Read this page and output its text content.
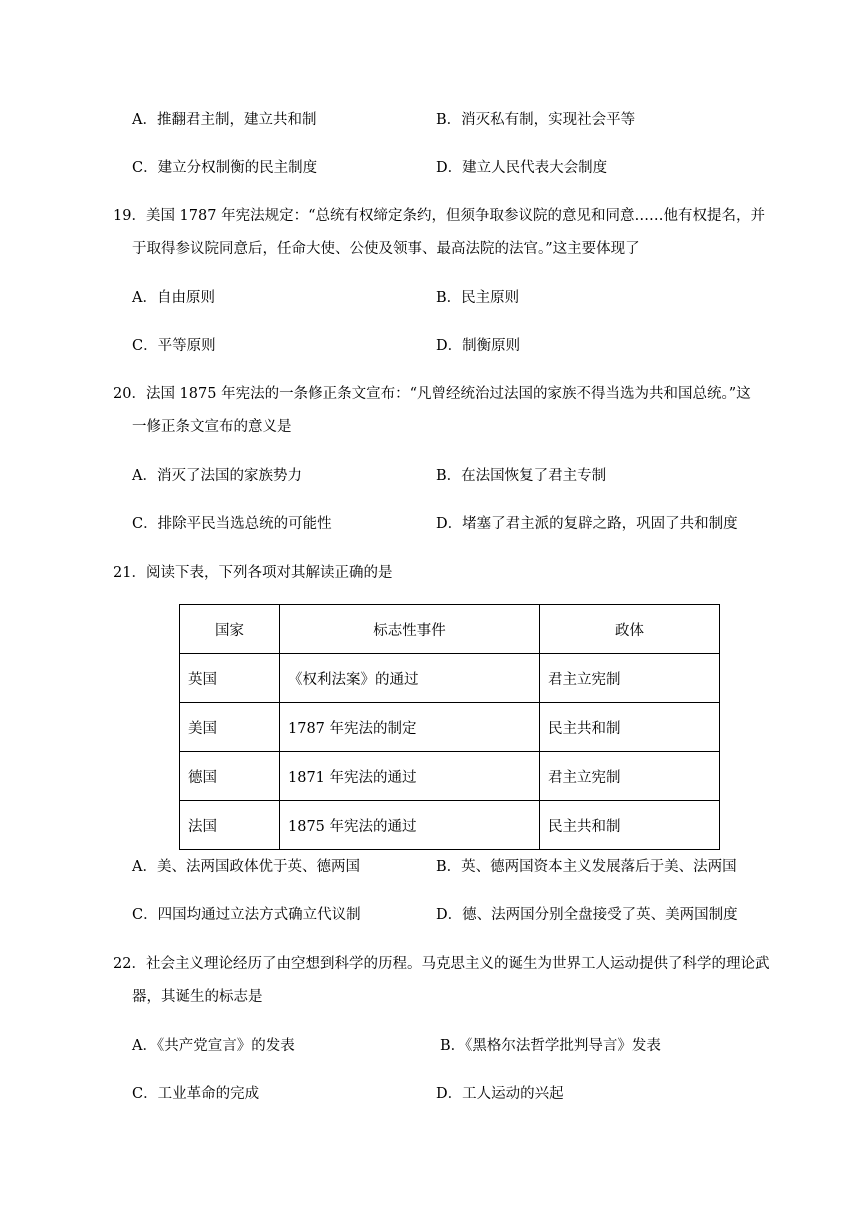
A．推翻君主制，建立共和制	B．消灭私有制，实现社会平等
C．建立分权制衡的民主制度	D．建立人民代表大会制度
19．美国 1787 年宪法规定：“总统有权缔定条约，但须争取参议院的意见和同意……他有权提名，并
于取得参议院同意后，任命大使、公使及领事、最高法院的法官。”这主要体现了
A．自由原则	B．民主原则
C．平等原则	D．制衡原则
20．法国 1875 年宪法的一条修正条文宣布：“凡曾经统治过法国的家族不得当选为共和国总统。”这
一修正条文宣布的意义是
A．消灭了法国的家族势力	B．在法国恢复了君主专制
C．排除平民当选总统的可能性	D．堵塞了君主派的复辟之路，巩固了共和制度
21．阅读下表，下列各项对其解读正确的是
国家	标志性事件	政体
英国	《权利法案》的通过	君主立宪制
美国	1787 年宪法的制定	民主共和制
德国	1871 年宪法的通过	君主立宪制
法国	1875 年宪法的通过	民主共和制
A．美、法两国政体优于英、德两国	B．英、德两国资本主义发展落后于美、法两国
C．四国均通过立法方式确立代议制	D．德、法两国分别全盘接受了英、美两国制度
22．社会主义理论经历了由空想到科学的历程。马克思主义的诞生为世界工人运动提供了科学的理论武
器，其诞生的标志是
A．《共产党宣言》的发表	B．《黑格尔法哲学批判导言》发表
C．工业革命的完成	D．工人运动的兴起
